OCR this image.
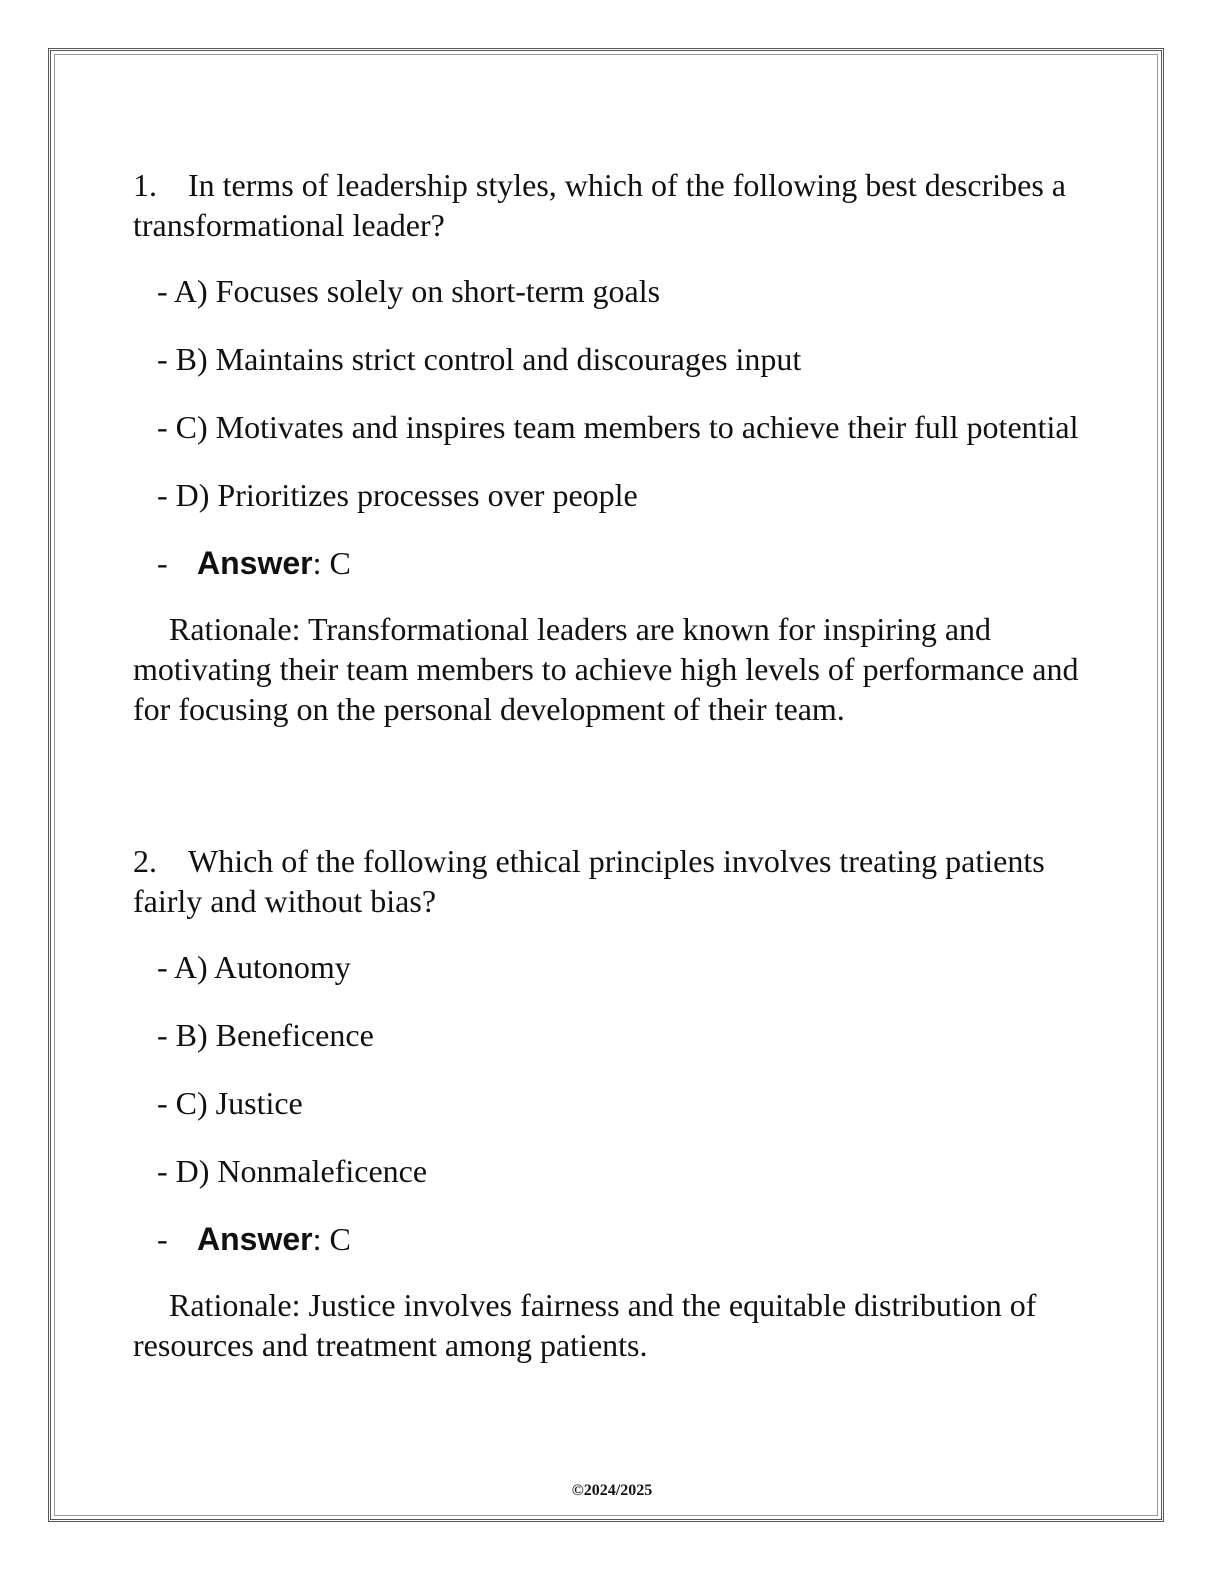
1. In terms of leadership styles, which of the following best describes a transformational leader?

- A) Focuses solely on short-term goals

- B) Maintains strict control and discourages input

- C) Motivates and inspires team members to achieve their full potential

- D) Prioritizes processes over people

- Answer: C

Rationale: Transformational leaders are known for inspiring and motivating their team members to achieve high levels of performance and for focusing on the personal development of their team.

2. Which of the following ethical principles involves treating patients fairly and without bias?

- A) Autonomy

- B) Beneficence

- C) Justice

- D) Nonmaleficence

- Answer: C

Rationale: Justice involves fairness and the equitable distribution of resources and treatment among patients.

©2024/2025
